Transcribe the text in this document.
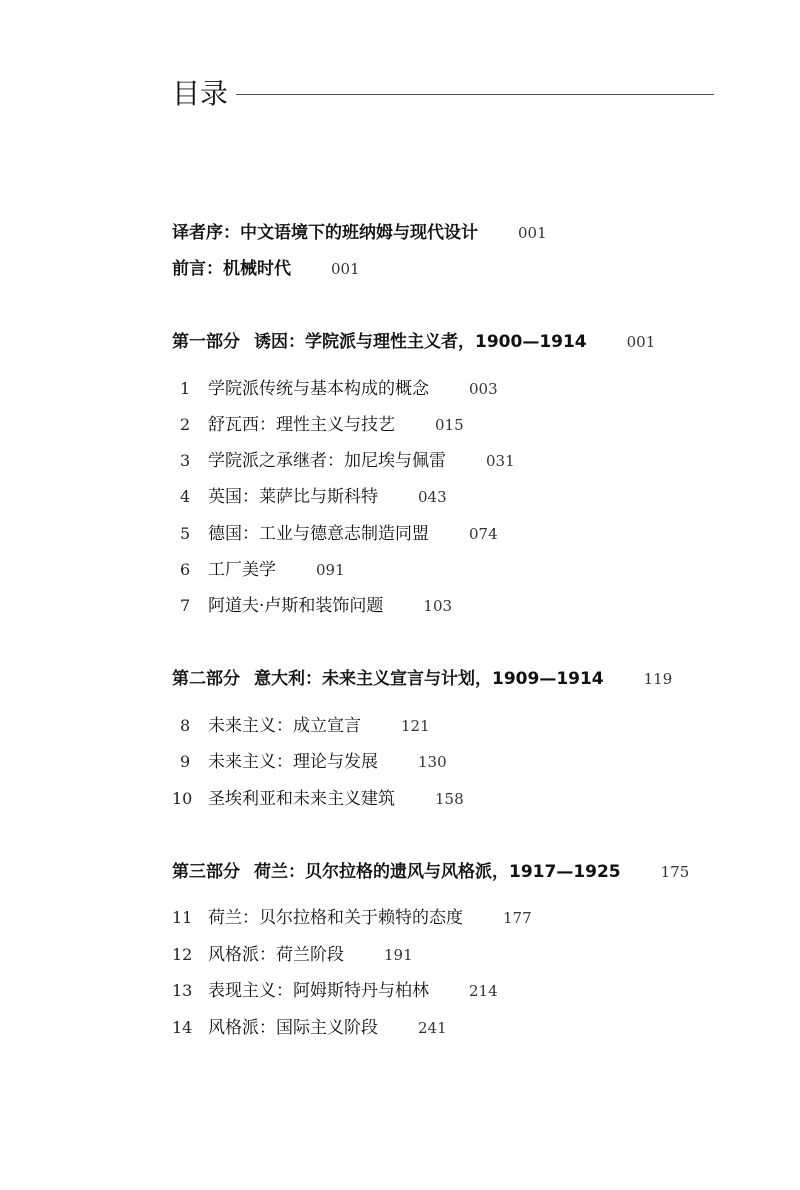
目录
译者序：中文语境下的班纳姆与现代设计	001
前言：机械时代	001
第一部分 诱因：学院派与理性主义者，1900—1914	001
1 学院派传统与基本构成的概念	003
2 舒瓦西：理性主义与技艺	015
3 学院派之承继者：加尼埃与佩雷	031
4 英国：莱萨比与斯科特	043
5 德国：工业与德意志制造同盟	074
6 工厂美学	091
7 阿道夫·卢斯和装饰问题	103
第二部分 意大利：未来主义宣言与计划，1909—1914	119
8 未来主义：成立宣言	121
9 未来主义：理论与发展	130
10 圣埃利亚和未来主义建筑	158
第三部分 荷兰：贝尔拉格的遗风与风格派，1917—1925	175
11 荷兰：贝尔拉格和关于赖特的态度	177
12 风格派：荷兰阶段	191
13 表现主义：阿姆斯特丹与柏林	214
14 风格派：国际主义阶段	241
